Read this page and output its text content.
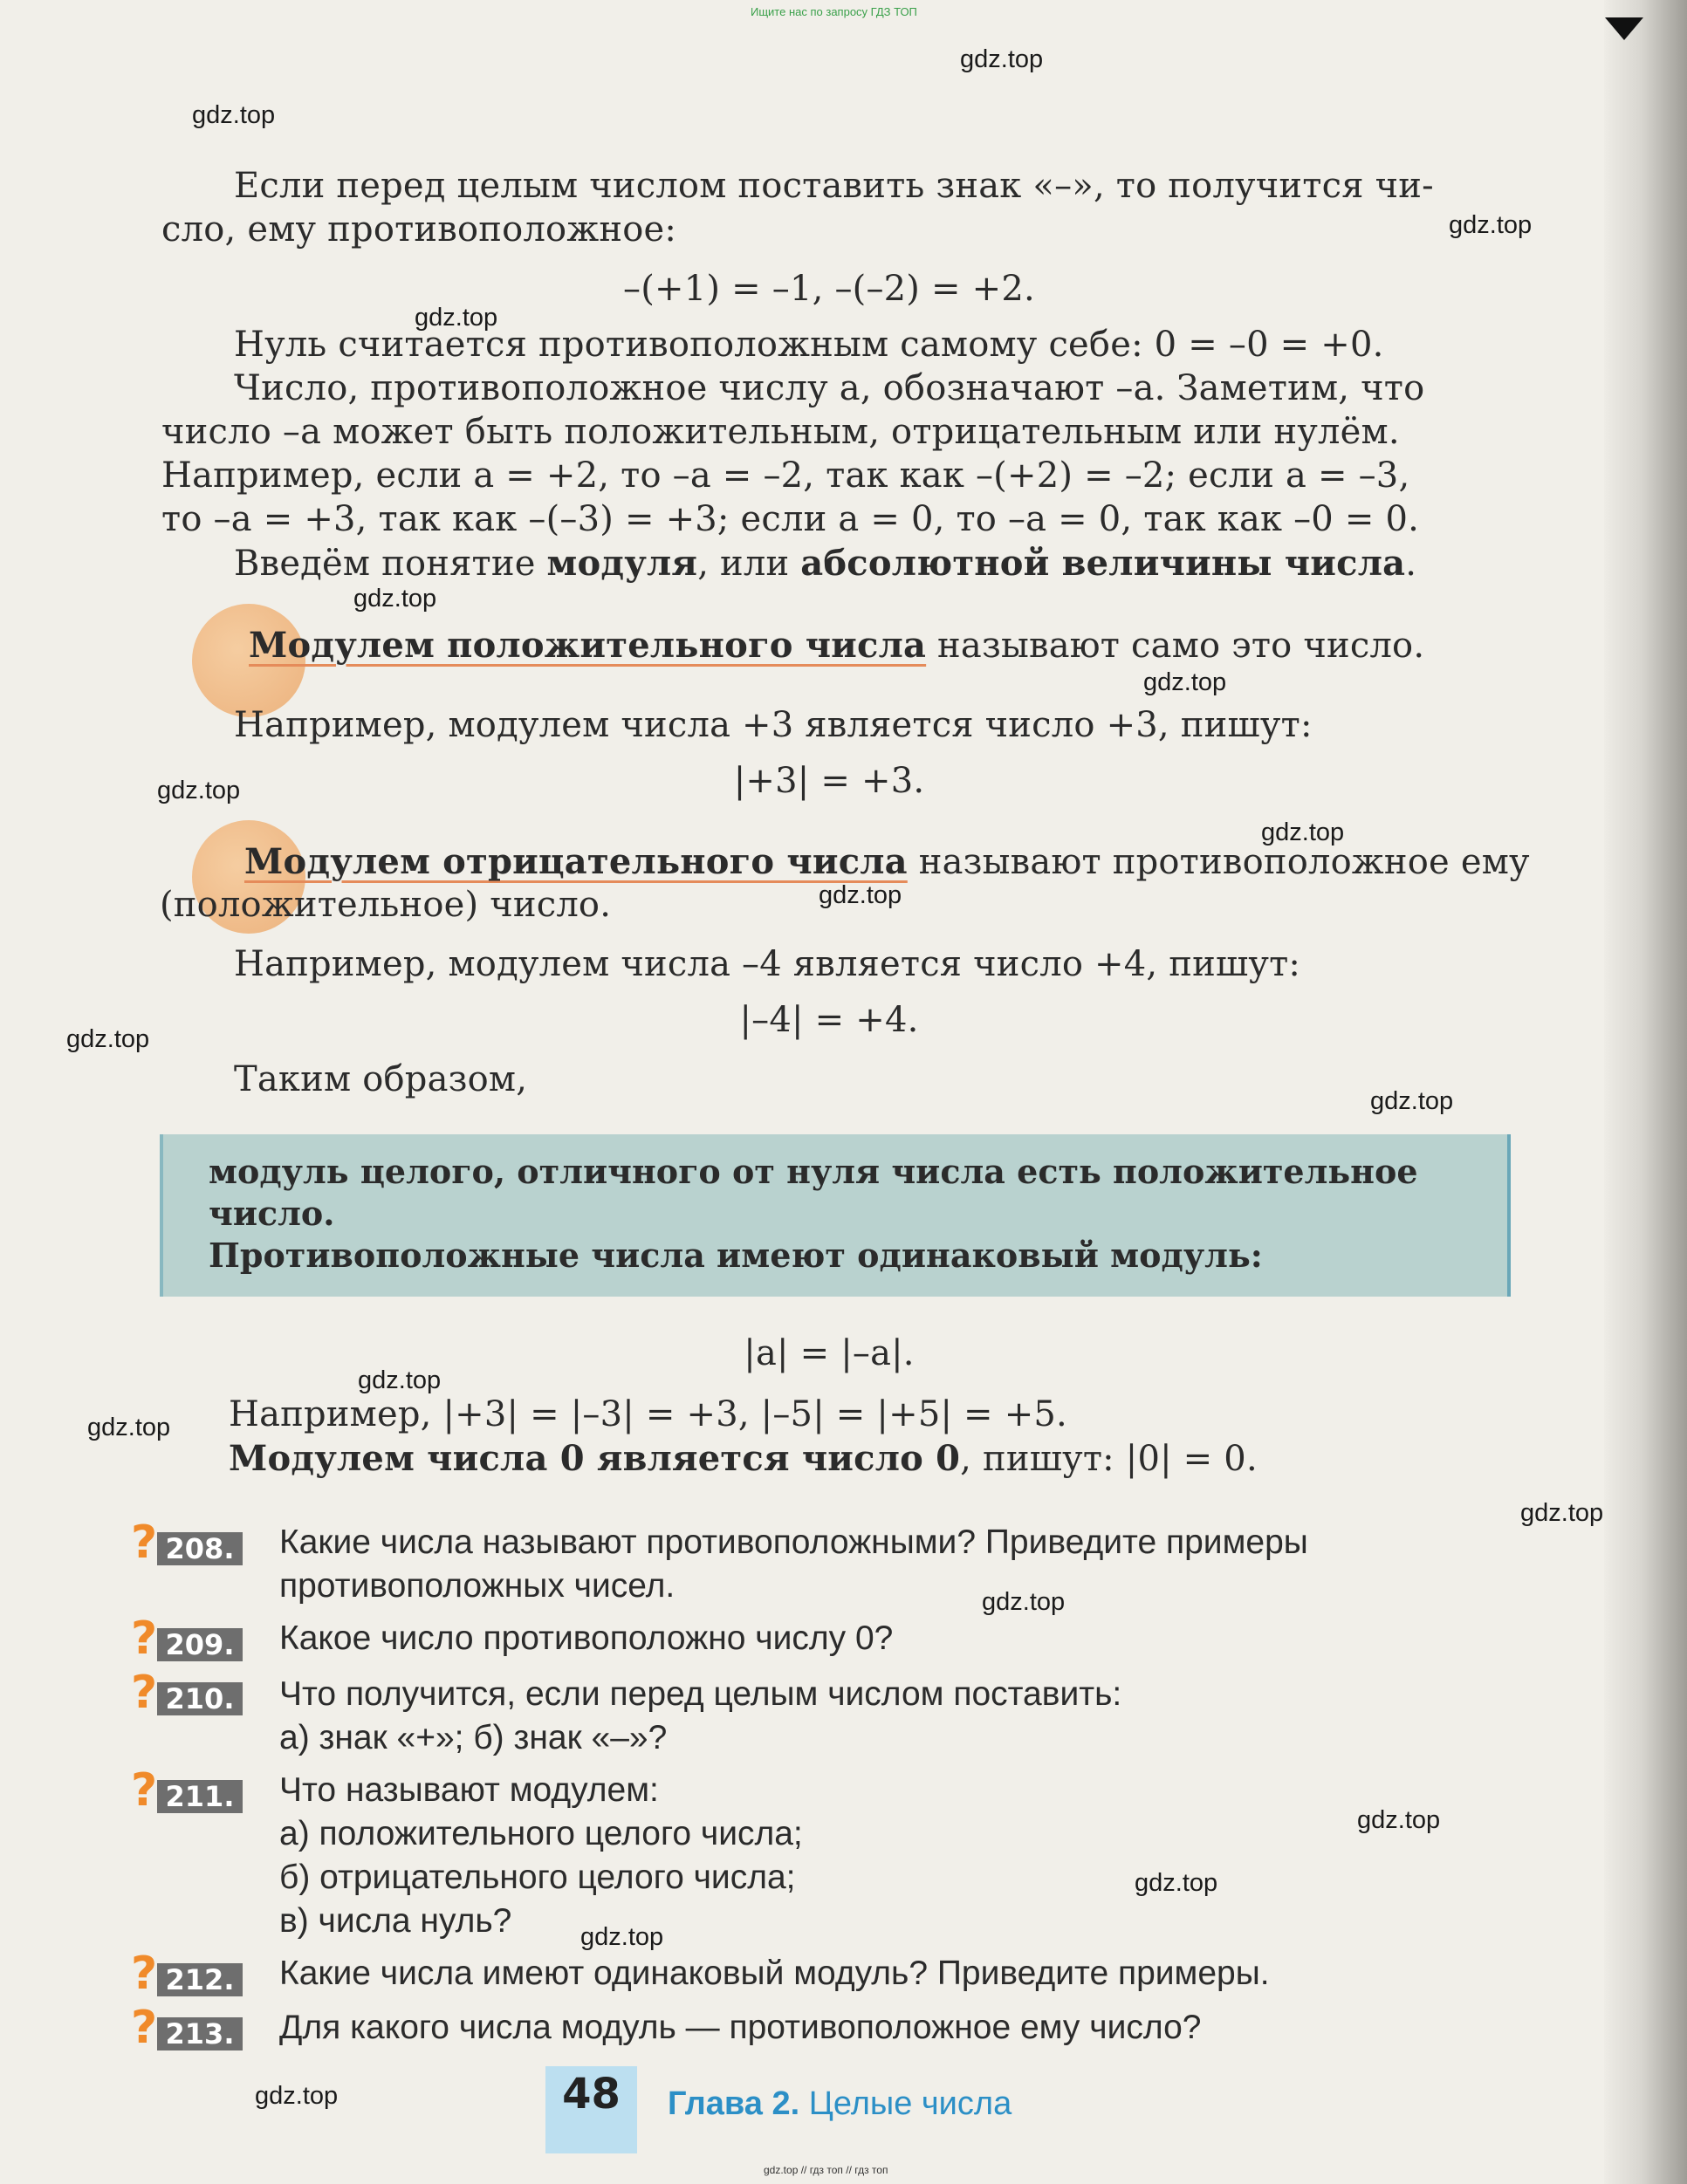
Ищите нас по запросу ГДЗ ТОП
gdz.top
gdz.top
gdz.top
gdz.top
gdz.top
gdz.top
gdz.top
gdz.top
gdz.top
gdz.top
gdz.top
gdz.top
gdz.top
gdz.top
gdz.top
gdz.top
gdz.top
gdz.top
gdz.top
Если перед целым числом поставить знак «–», то получится чи-
сло, ему противоположное:
–(+1) = –1, –(–2) = +2.
Нуль считается противоположным самому себе: 0 = –0 = +0.
Число, противоположное числу a, обозначают –a. Заметим, что
число –a может быть положительным, отрицательным или нулём.
Например, если a = +2, то –a = –2, так как –(+2) = –2; если a = –3,
то –a = +3, так как –(–3) = +3; если a = 0, то –a = 0, так как –0 = 0.
Введём понятие модуля, или абсолютной величины числа.
Модулем положительного числа называют само это число.
Например, модулем числа +3 является число +3, пишут:
|+3| = +3.
Модулем отрицательного числа называют противоположное ему
(положительное) число.
Например, модулем числа –4 является число +4, пишут:
|–4| = +4.
Таким образом,
модуль целого, отличного от нуля числа есть положительное
число.
Противоположные числа имеют одинаковый модуль:
|a| = |–a|.
Например, |+3| = |–3| = +3, |–5| = |+5| = +5.
Модулем числа 0 является число 0, пишут: |0| = 0.
? 208. Какие числа называют противоположными? Приведите примеры
противоположных чисел.
? 209. Какое число противоположно числу 0?
? 210. Что получится, если перед целым числом поставить:
а) знак «+»; б) знак «–»?
? 211. Что называют модулем:
а) положительного целого числа;
б) отрицательного целого числа;
в) числа нуль?
? 212. Какие числа имеют одинаковый модуль? Приведите примеры.
? 213. Для какого числа модуль — противоположное ему число?
48	Глава 2. Целые числа
gdz.top // гдз топ // гдз топ
